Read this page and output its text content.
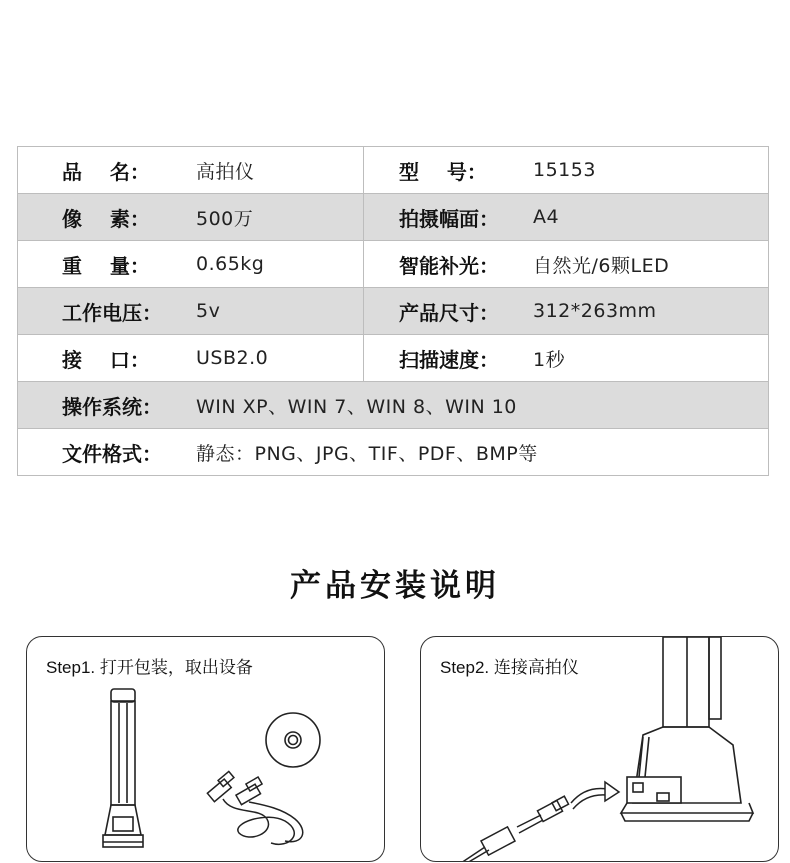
品    名：	高拍仪	型    号：	15153
像    素：	500万	拍摄幅面：	A4
重    量：	0.65kg	智能补光：	自然光/6颗LED
工作电压：	5v	产品尺寸：	312*263mm
接    口：	USB2.0	扫描速度：	1秒
操作系统：	WIN XP、WIN 7、WIN 8、WIN 10
文件格式：	静态：PNG、JPG、TIF、PDF、BMP等
产品安装说明
Step1. 打开包装，取出设备	Step2. 连接高拍仪
